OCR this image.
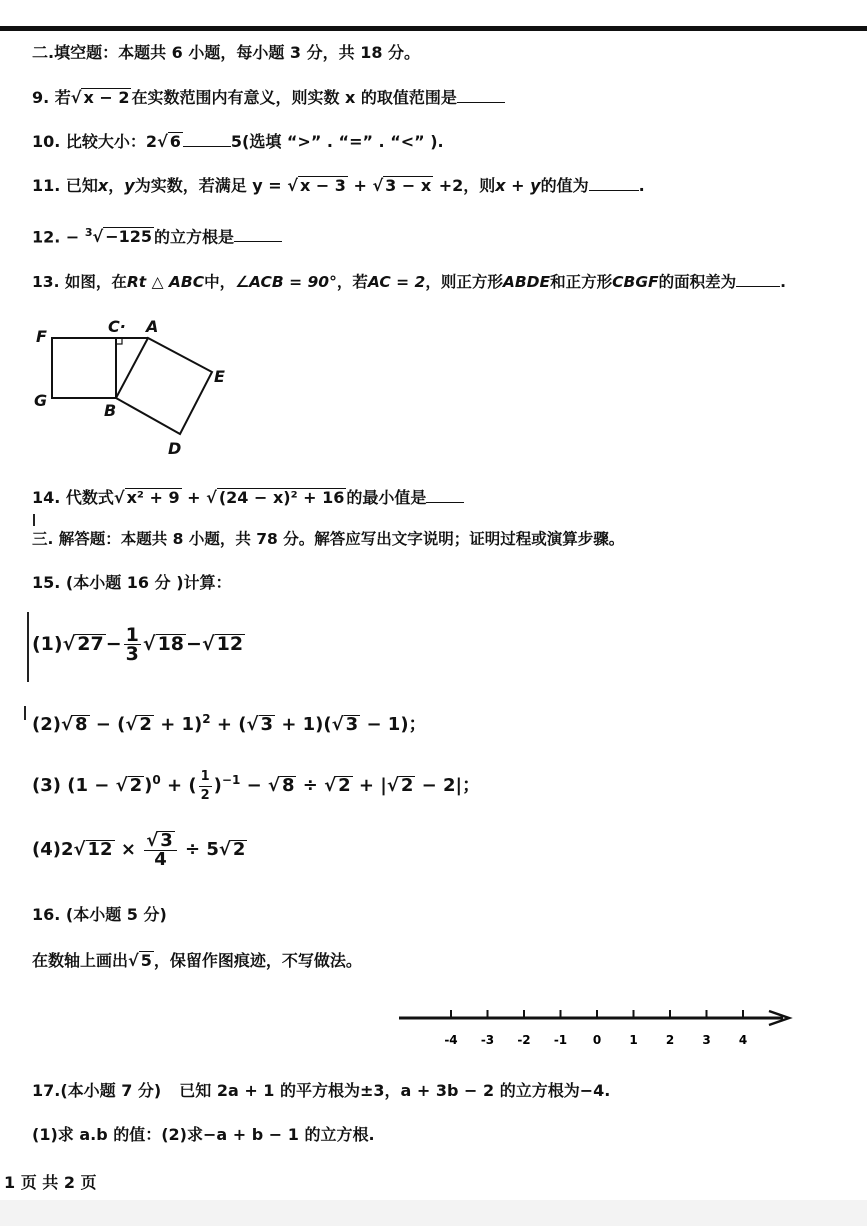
二.填空题：本题共 6 小题，每小题 3 分，共 18 分。
9. 若√ x − 2 在实数范围内有意义，则实数 x 的取值范围是
10. 比较大小：2√ 6	5(选填 “>” . “=” . “<” ).
11. 已知x，y为实数，若满足 y = √ x − 3 + √ 3 − x +2，则x + y的值为	.
12. − $^3$√ −125 的立方根是
13. 如图，在Rt △ ABC中，∠ACB = 90°，若AC = 2，则正方形ABDE和正方形CBGF的面积差为	.
F
C· A
E
G
B
D
14. 代数式√ x² + 9 + √ (24 − x)² + 16 的最小值是
三. 解答题：本题共 8 小题，共 78 分。解答应写出文字说明；证明过程或演算步骤。
15. (本小题 16 分 )计算：
(1)√ $27 - \frac{1}{3}$ √ 18 −√ 12
(2)√ 8 − (√ 2 + 1)$^2$ + (√ 3 + 1)(√ 3 − 1)；
(3) (1 − √ 2 )$^0$ + ( $\frac{1}{2} )^{-1}$ − √ 8 ÷ √ 2 + |√ 2 − 2|；
(4)2√ $12 \times \frac{√ 3}{4} \div 5√$ 2
16. (本小题 5 分)
在数轴上画出√ 5 ，保留作图痕迹，不写做法。
-4 -3 -2 -1 0 1 2 3 4
17.(本小题 7 分) 已知 2a + 1 的平方根为±3，a + 3b − 2 的立方根为−4.
(1)求 a.b 的值：(2)求−a + b − 1 的立方根.
1 页 共 2 页
